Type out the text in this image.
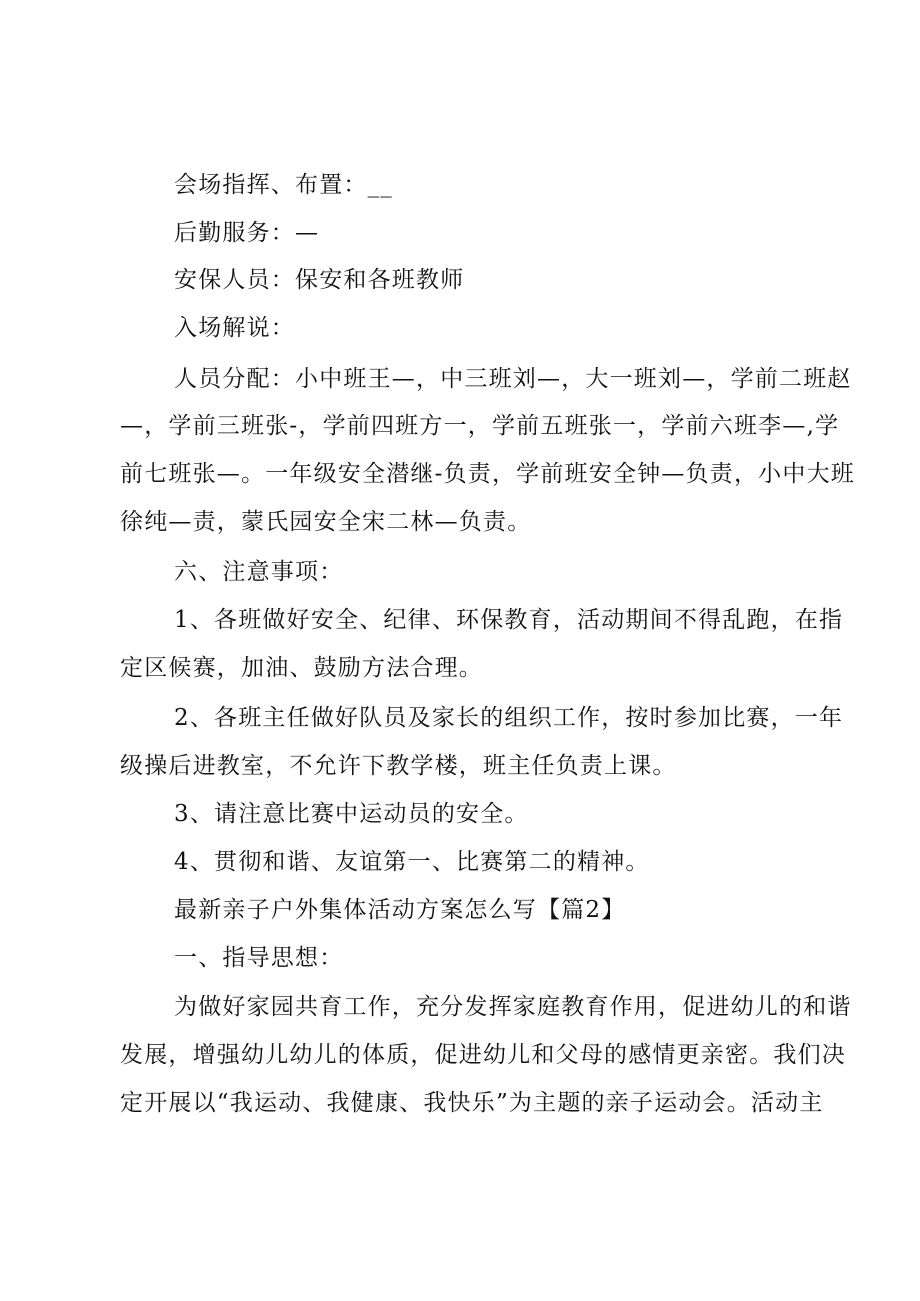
会场指挥、布置：__
后勤服务：—
安保人员：保安和各班教师
入场解说：
人员分配：小中班王—，中三班刘—，大一班刘—，学前二班赵
—，学前三班张-，学前四班方一，学前五班张一，学前六班李—,学
前七班张—。一年级安全潜继-负责，学前班安全钟—负责，小中大班
徐纯—责，蒙氏园安全宋二林—负责。
六、注意事项：
1、各班做好安全、纪律、环保教育，活动期间不得乱跑，在指
定区候赛，加油、鼓励方法合理。
2、各班主任做好队员及家长的组织工作，按时参加比赛，一年
级操后进教室，不允许下教学楼，班主任负责上课。
3、请注意比赛中运动员的安全。
4、贯彻和谐、友谊第一、比赛第二的精神。
最新亲子户外集体活动方案怎么写【篇2】
一、指导思想：
为做好家园共育工作，充分发挥家庭教育作用，促进幼儿的和谐
发展，增强幼儿幼儿的体质，促进幼儿和父母的感情更亲密。我们决
定开展以“我运动、我健康、我快乐”为主题的亲子运动会。活动主
